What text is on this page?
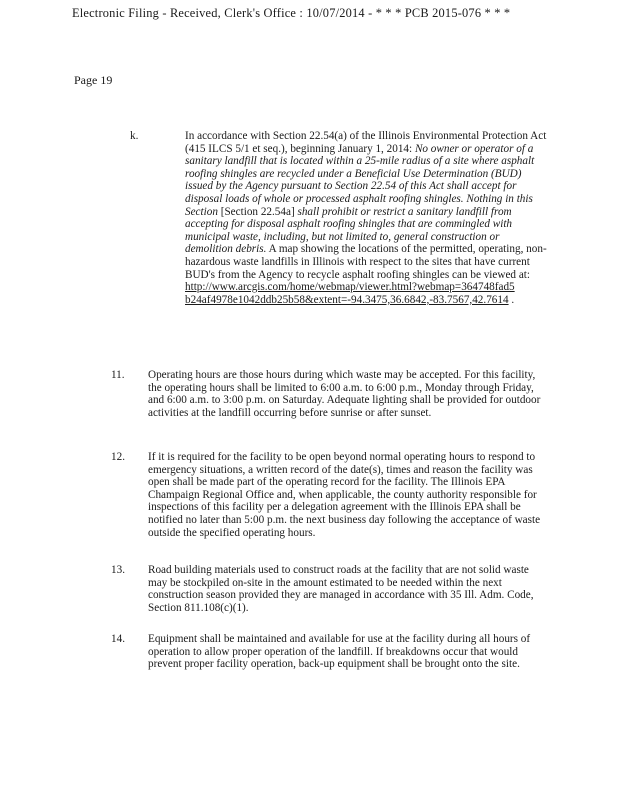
Electronic Filing - Received, Clerk's Office : 10/07/2014 - * * * PCB 2015-076 * * *
Page 19
k.	In accordance with Section 22.54(a) of the Illinois Environmental Protection Act (415 ILCS 5/1 et seq.), beginning January 1, 2014: No owner or operator of a sanitary landfill that is located within a 25-mile radius of a site where asphalt roofing shingles are recycled under a Beneficial Use Determination (BUD) issued by the Agency pursuant to Section 22.54 of this Act shall accept for disposal loads of whole or processed asphalt roofing shingles. Nothing in this Section [Section 22.54a] shall prohibit or restrict a sanitary landfill from accepting for disposal asphalt roofing shingles that are commingled with municipal waste, including, but not limited to, general construction or demolition debris. A map showing the locations of the permitted, operating, non-hazardous waste landfills in Illinois with respect to the sites that have current BUD's from the Agency to recycle asphalt roofing shingles can be viewed at:
http://www.arcgis.com/home/webmap/viewer.html?webmap=364748fad5
b24af4978e1042ddb25b58&extent=-94.3475,36.6842,-83.7567,42.7614 .
11. Operating hours are those hours during which waste may be accepted. For this facility, the operating hours shall be limited to 6:00 a.m. to 6:00 p.m., Monday through Friday, and 6:00 a.m. to 3:00 p.m. on Saturday. Adequate lighting shall be provided for outdoor activities at the landfill occurring before sunrise or after sunset.
12. If it is required for the facility to be open beyond normal operating hours to respond to emergency situations, a written record of the date(s), times and reason the facility was open shall be made part of the operating record for the facility. The Illinois EPA Champaign Regional Office and, when applicable, the county authority responsible for inspections of this facility per a delegation agreement with the Illinois EPA shall be notified no later than 5:00 p.m. the next business day following the acceptance of waste outside the specified operating hours.
13. Road building materials used to construct roads at the facility that are not solid waste may be stockpiled on-site in the amount estimated to be needed within the next construction season provided they are managed in accordance with 35 Ill. Adm. Code, Section 811.108(c)(1).
14. Equipment shall be maintained and available for use at the facility during all hours of operation to allow proper operation of the landfill. If breakdowns occur that would prevent proper facility operation, back-up equipment shall be brought onto the site.
